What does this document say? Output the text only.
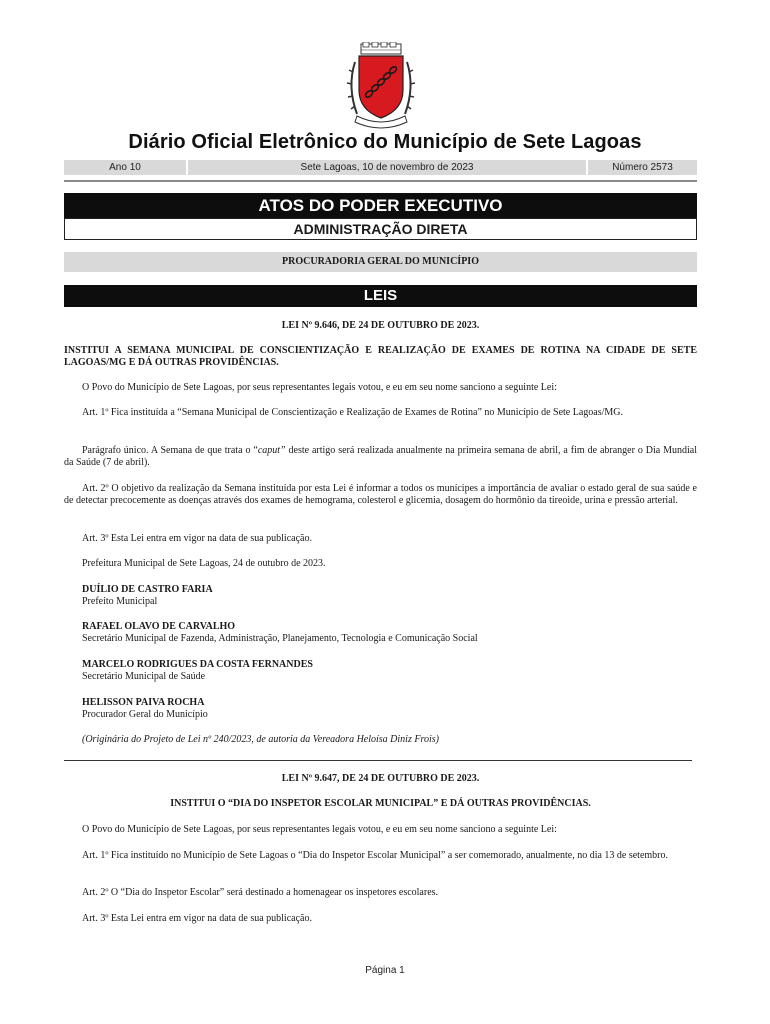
Diário Oficial Eletrônico do Município de Sete Lagoas
Ano 10	Sete Lagoas, 10 de novembro de 2023	Número 2573
ATOS DO PODER EXECUTIVO
ADMINISTRAÇÃO DIRETA
PROCURADORIA GERAL DO MUNICÍPIO
LEIS
LEI Nº 9.646, DE 24 DE OUTUBRO DE 2023.
INSTITUI A SEMANA MUNICIPAL DE CONSCIENTIZAÇÃO E REALIZAÇÃO DE EXAMES DE ROTINA NA CIDADE DE SETE LAGOAS/MG E DÁ OUTRAS PROVIDÊNCIAS.
O Povo do Município de Sete Lagoas, por seus representantes legais votou, e eu em seu nome sanciono a seguinte Lei:
Art. 1º Fica instituída a “Semana Municipal de Conscientização e Realização de Exames de Rotina” no Município de Sete Lagoas/MG.
Parágrafo único. A Semana de que trata o “caput” deste artigo será realizada anualmente na primeira semana de abril, a fim de abranger o Dia Mundial da Saúde (7 de abril).
Art. 2º O objetivo da realização da Semana instituída por esta Lei é informar a todos os munícipes a importância de avaliar o estado geral de sua saúde e de detectar precocemente as doenças através dos exames de hemograma, colesterol e glicemia, dosagem do hormônio da tireoide, urina e pressão arterial.
Art. 3º Esta Lei entra em vigor na data de sua publicação.
Prefeitura Municipal de Sete Lagoas, 24 de outubro de 2023.
DUÍLIO DE CASTRO FARIA
Prefeito Municipal
RAFAEL OLAVO DE CARVALHO
Secretário Municipal de Fazenda, Administração, Planejamento, Tecnologia e Comunicação Social
MARCELO RODRIGUES DA COSTA FERNANDES
Secretário Municipal de Saúde
HELISSON PAIVA ROCHA
Procurador Geral do Município
(Originária do Projeto de Lei nº 240/2023, de autoria da Vereadora Heloísa Diniz Frois)
LEI Nº 9.647, DE 24 DE OUTUBRO DE 2023.
INSTITUI O “DIA DO INSPETOR ESCOLAR MUNICIPAL” E DÁ OUTRAS PROVIDÊNCIAS.
O Povo do Município de Sete Lagoas, por seus representantes legais votou, e eu em seu nome sanciono a seguinte Lei:
Art. 1º Fica instituído no Município de Sete Lagoas o “Dia do Inspetor Escolar Municipal” a ser comemorado, anualmente, no dia 13 de setembro.
Art. 2º O “Dia do Inspetor Escolar” será destinado a homenagear os inspetores escolares.
Art. 3º Esta Lei entra em vigor na data de sua publicação.
Página 1
